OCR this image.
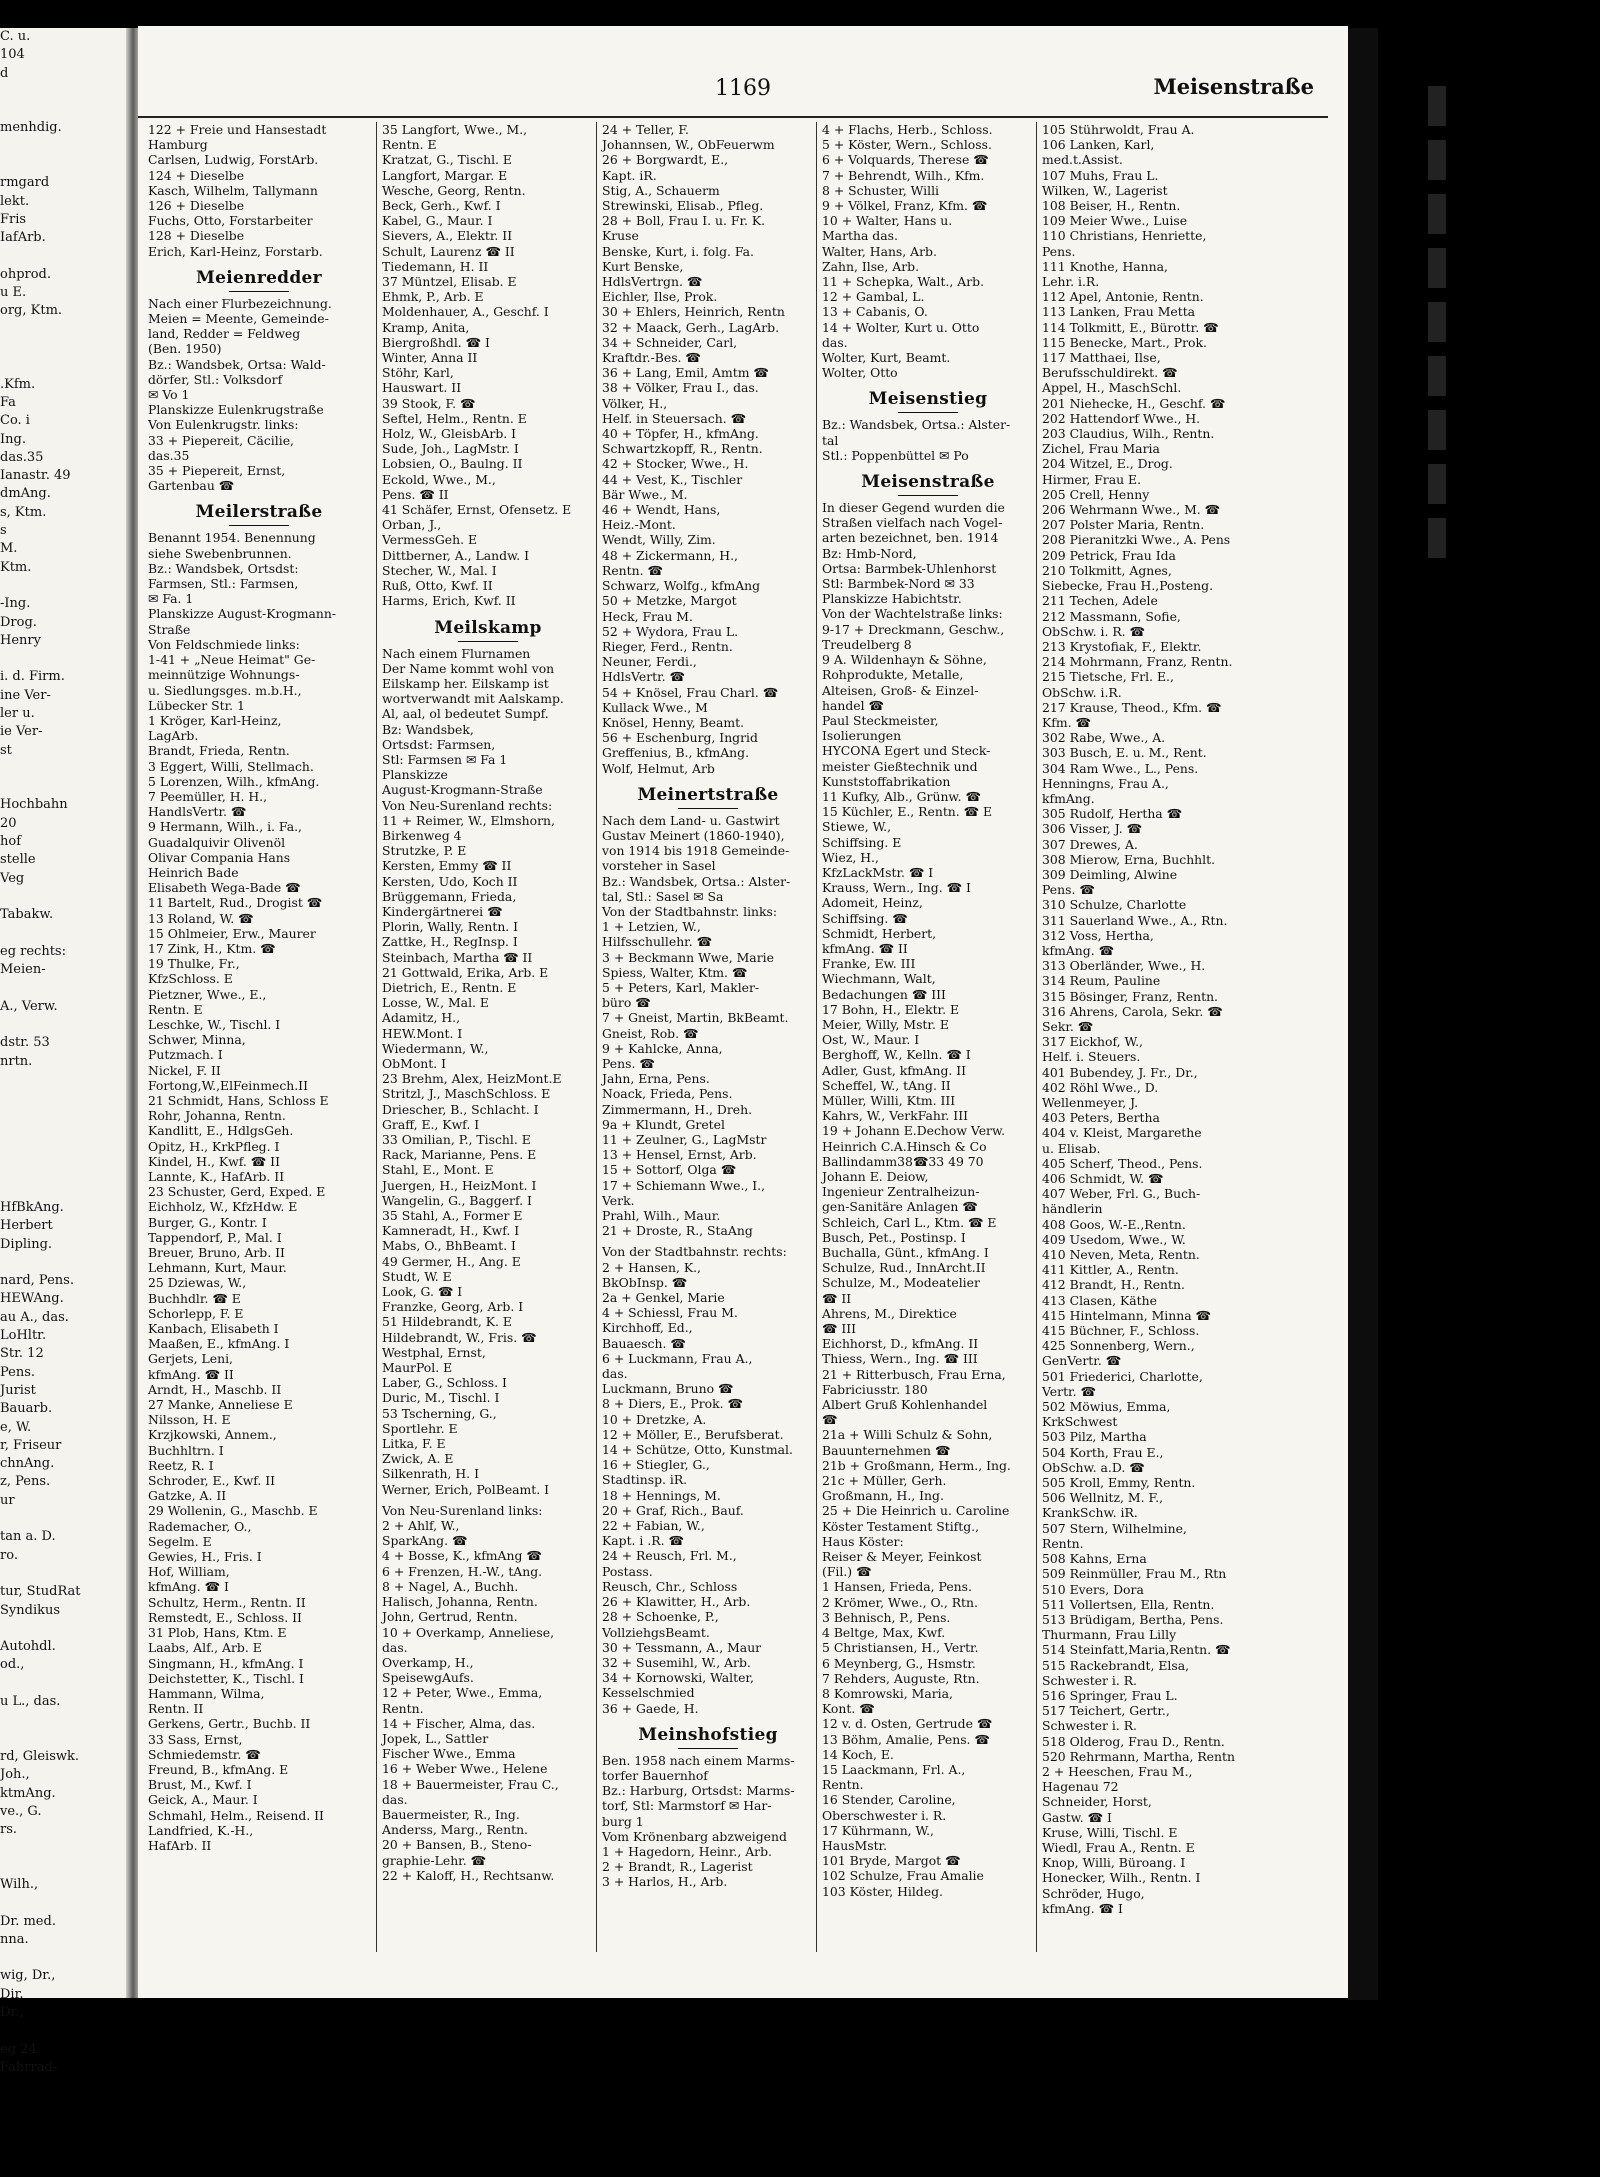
C. u.
104
d

menhdig.

rmgard
lekt.
Fris
IafArb.

ohprod.
u E.
org, Ktm.

.Kfm.
Fa
Co. i
Ing.
das.35
Ianastr. 49
dmAng.
s, Ktm.
s
M.
Ktm.

-Ing.
Drog.
Henry

i. d. Firm.
ine Ver-
ler u.
ie Ver-
st

Hochbahn
20
hof
stelle
Veg

Tabakw.

eg rechts:
Meien-

A., Verw.

dstr. 53
nrtn.

HfBkAng.
Herbert
Dipling.

nard, Pens.
HEWAng.
au A., das.
LoHltr.
Str. 12
Pens.
Jurist
Bauarb.
e, W.
r, Friseur
chnAng.
z, Pens.
ur

tan a. D.
ro.

tur, StudRat
Syndikus

Autohdl.
od.,

u L., das.

rd, Gleiswk.
Joh.,
ktmAng.
ve., G.
rs.

Wilh.,

Dr. med.
nna.

wig, Dr.,
Dir.
Dr.,

eg 24
Fahrrad-
1169	Meisenstraße
122 + Freie und Hansestadt
Hamburg
Carlsen, Ludwig, ForstArb.
124 + Dieselbe
Kasch, Wilhelm, Tallymann
126 + Dieselbe
Fuchs, Otto, Forstarbeiter
128 + Dieselbe
Erich, Karl-Heinz, Forstarb.
Meienredder
Nach einer Flurbezeichnung.
Meien = Meente, Gemeinde-
land, Redder = Feldweg
(Ben. 1950)
Bz.: Wandsbek, Ortsa: Wald-
dörfer, Stl.: Volksdorf
✉ Vo 1
Planskizze Eulenkrugstraße
Von Eulenkrugstr. links:
33 + Piepereit, Cäcilie,
das.35
35 + Piepereit, Ernst,
Gartenbau ☎
Meilerstraße
Benannt 1954. Benennung
siehe Swebenbrunnen.
Bz.: Wandsbek, Ortsdst:
Farmsen, Stl.: Farmsen,
✉ Fa. 1
Planskizze August-Krogmann-
Straße
Von Feldschmiede links:
1-41 + „Neue Heimat" Ge-
meinnützige Wohnungs-
u. Siedlungsges. m.b.H.,
Lübecker Str. 1
1 Kröger, Karl-Heinz,
LagArb.
Brandt, Frieda, Rentn.
3 Eggert, Willi, Stellmach.
5 Lorenzen, Wilh., kfmAng.
7 Peemüller, H. H.,
HandlsVertr. ☎
9 Hermann, Wilh., i. Fa.,
Guadalquivir Olivenöl
Olivar Compania Hans
Heinrich Bade
Elisabeth Wega-Bade ☎
11 Bartelt, Rud., Drogist ☎
13 Roland, W. ☎
15 Ohlmeier, Erw., Maurer
17 Zink, H., Ktm. ☎
19 Thulke, Fr.,
KfzSchloss. E
Pietzner, Wwe., E.,
Rentn. E
Leschke, W., Tischl. I
Schwer, Minna,
Putzmach. I
Nickel, F. II
Fortong,W.,ElFeinmech.II
21 Schmidt, Hans, Schloss E
Rohr, Johanna, Rentn.
Kandlitt, E., HdlgsGeh.
Opitz, H., KrkPfleg. I
Kindel, H., Kwf. ☎ II
Lannte, K., HafArb. II
23 Schuster, Gerd, Exped. E
Eichholz, W., KfzHdw. E
Burger, G., Kontr. I
Tappendorf, P., Mal. I
Breuer, Bruno, Arb. II
Lehmann, Kurt, Maur.
25 Dziewas, W.,
Buchhdlr. ☎ E
Schorlepp, F. E
Kanbach, Elisabeth I
Maaßen, E., kfmAng. I
Gerjets, Leni,
kfmAng. ☎ II
Arndt, H., Maschb. II
27 Manke, Anneliese E
Nilsson, H. E
Krzjkowski, Annem.,
Buchhltrn. I
Reetz, R. I
Schroder, E., Kwf. II
Gatzke, A. II
29 Wollenin, G., Maschb. E
Rademacher, O.,
Segelm. E
Gewies, H., Fris. I
Hof, William,
kfmAng. ☎ I
Schultz, Herm., Rentn. II
Remstedt, E., Schloss. II
31 Plob, Hans, Ktm. E
Laabs, Alf., Arb. E
Singmann, H., kfmAng. I
Deichstetter, K., Tischl. I
Hammann, Wilma,
Rentn. II
Gerkens, Gertr., Buchb. II
33 Sass, Ernst,
Schmiedemstr. ☎
Freund, B., kfmAng. E
Brust, M., Kwf. I
Geick, A., Maur. I
Schmahl, Helm., Reisend. II
Landfried, K.-H.,
HafArb. II
35 Langfort, Wwe., M.,
Rentn. E
Kratzat, G., Tischl. E
Langfort, Margar. E
Wesche, Georg, Rentn.
Beck, Gerh., Kwf. I
Kabel, G., Maur. I
Sievers, A., Elektr. II
Schult, Laurenz ☎ II
Tiedemann, H. II
37 Müntzel, Elisab. E
Ehmk, P., Arb. E
Moldenhauer, A., Geschf. I
Kramp, Anita,
Biergroßhdl. ☎ I
Winter, Anna II
Stöhr, Karl,
Hauswart. II
39 Stook, F. ☎
Seftel, Helm., Rentn. E
Holz, W., GleisbArb. I
Sude, Joh., LagMstr. I
Lobsien, O., Baulng. II
Eckold, Wwe., M.,
Pens. ☎ II
41 Schäfer, Ernst, Ofensetz. E
Orban, J.,
VermessGeh. E
Dittberner, A., Landw. I
Stecher, W., Mal. I
Ruß, Otto, Kwf. II
Harms, Erich, Kwf. II
Meilskamp
Nach einem Flurnamen
Der Name kommt wohl von
Eilskamp her. Eilskamp ist
wortverwandt mit Aalskamp.
Al, aal, ol bedeutet Sumpf.
Bz: Wandsbek,
Ortsdst: Farmsen,
Stl: Farmsen ✉ Fa 1
Planskizze
August-Krogmann-Straße
Von Neu-Surenland rechts:
11 + Reimer, W., Elmshorn,
Birkenweg 4
Strutzke, P. E
Kersten, Emmy ☎ II
Kersten, Udo, Koch II
Brüggemann, Frieda,
Kindergärtnerei ☎
Plorin, Wally, Rentn. I
Zattke, H., RegInsp. I
Steinbach, Martha ☎ II
21 Gottwald, Erika, Arb. E
Dietrich, E., Rentn. E
Losse, W., Mal. E
Adamitz, H.,
HEW.Mont. I
Wiedermann, W.,
ObMont. I
23 Brehm, Alex, HeizMont.E
Stritzl, J., MaschSchloss. E
Driescher, B., Schlacht. I
Graff, E., Kwf. I
33 Omilian, P., Tischl. E
Rack, Marianne, Pens. E
Stahl, E., Mont. E
Juergen, H., HeizMont. I
Wangelin, G., Baggerf. I
35 Stahl, A., Former E
Kamneradt, H., Kwf. I
Mabs, O., BhBeamt. I
49 Germer, H., Ang. E
Studt, W. E
Look, G. ☎ I
Franzke, Georg, Arb. I
51 Hildebrandt, K. E
Hildebrandt, W., Fris. ☎
Westphal, Ernst,
MaurPol. E
Laber, G., Schloss. I
Duric, M., Tischl. I
53 Tscherning, G.,
Sportlehr. E
Litka, F. E
Zwick, A. E
Silkenrath, H. I
Werner, Erich, PolBeamt. I
Von Neu-Surenland links:
2 + Ahlf, W.,
SparkAng. ☎
4 + Bosse, K., kfmAng ☎
6 + Frenzen, H.-W., tAng.
8 + Nagel, A., Buchh.
Halisch, Johanna, Rentn.
John, Gertrud, Rentn.
10 + Overkamp, Anneliese,
das.
Overkamp, H.,
SpeisewgAufs.
12 + Peter, Wwe., Emma,
Rentn.
14 + Fischer, Alma, das.
Jopek, L., Sattler
Fischer Wwe., Emma
16 + Weber Wwe., Helene
18 + Bauermeister, Frau C.,
das.
Bauermeister, R., Ing.
Anderss, Marg., Rentn.
20 + Bansen, B., Steno-
graphie-Lehr. ☎
22 + Kaloff, H., Rechtsanw.
24 + Teller, F.
Johannsen, W., ObFeuerwm
26 + Borgwardt, E.,
Kapt. iR.
Stig, A., Schauerm
Strewinski, Elisab., Pfleg.
28 + Boll, Frau I. u. Fr. K.
Kruse
Benske, Kurt, i. folg. Fa.
Kurt Benske,
HdlsVertrgn. ☎
Eichler, Ilse, Prok.
30 + Ehlers, Heinrich, Rentn
32 + Maack, Gerh., LagArb.
34 + Schneider, Carl,
Kraftdr.-Bes. ☎
36 + Lang, Emil, Amtm ☎
38 + Völker, Frau I., das.
Völker, H.,
Helf. in Steuersach. ☎
40 + Töpfer, H., kfmAng.
Schwartzkopff, R., Rentn.
42 + Stocker, Wwe., H.
44 + Vest, K., Tischler
Bär Wwe., M.
46 + Wendt, Hans,
Heiz.-Mont.
Wendt, Willy, Zim.
48 + Zickermann, H.,
Rentn. ☎
Schwarz, Wolfg., kfmAng
50 + Metzke, Margot
Heck, Frau M.
52 + Wydora, Frau L.
Rieger, Ferd., Rentn.
Neuner, Ferdi.,
HdlsVertr. ☎
54 + Knösel, Frau Charl. ☎
Kullack Wwe., M
Knösel, Henny, Beamt.
56 + Eschenburg, Ingrid
Greffenius, B., kfmAng.
Wolf, Helmut, Arb
Meinertstraße
Nach dem Land- u. Gastwirt
Gustav Meinert (1860-1940),
von 1914 bis 1918 Gemeinde-
vorsteher in Sasel
Bz.: Wandsbek, Ortsa.: Alster-
tal, Stl.: Sasel ✉ Sa
Von der Stadtbahnstr. links:
1 + Letzien, W.,
Hilfsschullehr. ☎
3 + Beckmann Wwe, Marie
Spiess, Walter, Ktm. ☎
5 + Peters, Karl, Makler-
büro ☎
7 + Gneist, Martin, BkBeamt.
Gneist, Rob. ☎
9 + Kahlcke, Anna,
Pens. ☎
Jahn, Erna, Pens.
Noack, Frieda, Pens.
Zimmermann, H., Dreh.
9a + Klundt, Gretel
11 + Zeulner, G., LagMstr
13 + Hensel, Ernst, Arb.
15 + Sottorf, Olga ☎
17 + Schiemann Wwe., I.,
Verk.
Prahl, Wilh., Maur.
21 + Droste, R., StaAng
Von der Stadtbahnstr. rechts:
2 + Hansen, K.,
BkObInsp. ☎
2a + Genkel, Marie
4 + Schiessl, Frau M.
Kirchhoff, Ed.,
Bauaesch. ☎
6 + Luckmann, Frau A.,
das.
Luckmann, Bruno ☎
8 + Diers, E., Prok. ☎
10 + Dretzke, A.
12 + Möller, E., Berufsberat.
14 + Schütze, Otto, Kunstmal.
16 + Stiegler, G.,
Stadtinsp. iR.
18 + Hennings, M.
20 + Graf, Rich., Bauf.
22 + Fabian, W.,
Kapt. i .R. ☎
24 + Reusch, Frl. M.,
Postass.
Reusch, Chr., Schloss
26 + Klawitter, H., Arb.
28 + Schoenke, P.,
VollziehgsBeamt.
30 + Tessmann, A., Maur
32 + Susemihl, W., Arb.
34 + Kornowski, Walter,
Kesselschmied
36 + Gaede, H.
Meinshofstieg
Ben. 1958 nach einem Marms-
torfer Bauernhof
Bz.: Harburg, Ortsdst: Marms-
torf, Stl: Marmstorf ✉ Har-
burg 1
Vom Krönenbarg abzweigend
1 + Hagedorn, Heinr., Arb.
2 + Brandt, R., Lagerist
3 + Harlos, H., Arb.
4 + Flachs, Herb., Schloss.
5 + Köster, Wern., Schloss.
6 + Volquards, Therese ☎
7 + Behrendt, Wilh., Kfm.
8 + Schuster, Willi
9 + Völkel, Franz, Kfm. ☎
10 + Walter, Hans u.
Martha das.
Walter, Hans, Arb.
Zahn, Ilse, Arb.
11 + Schepka, Walt., Arb.
12 + Gambal, L.
13 + Cabanis, O.
14 + Wolter, Kurt u. Otto
das.
Wolter, Kurt, Beamt.
Wolter, Otto
Meisenstieg
Bz.: Wandsbek, Ortsa.: Alster-
tal
Stl.: Poppenbüttel ✉ Po
Meisenstraße
In dieser Gegend wurden die
Straßen vielfach nach Vogel-
arten bezeichnet, ben. 1914
Bz: Hmb-Nord,
Ortsa: Barmbek-Uhlenhorst
Stl: Barmbek-Nord ✉ 33
Planskizze Habichtstr.
Von der Wachtelstraße links:
9-17 + Dreckmann, Geschw.,
Treudelberg 8
9 A. Wildenhayn & Söhne,
Rohprodukte, Metalle,
Alteisen, Groß- & Einzel-
handel ☎
Paul Steckmeister,
Isolierungen
HYCONA Egert und Steck-
meister Gießtechnik und
Kunststoffabrikation
11 Kufky, Alb., Grünw. ☎
15 Küchler, E., Rentn. ☎ E
Stiewe, W.,
Schiffsing. E
Wiez, H.,
KfzLackMstr. ☎ I
Krauss, Wern., Ing. ☎ I
Adomeit, Heinz,
Schiffsing. ☎
Schmidt, Herbert,
kfmAng. ☎ II
Franke, Ew. III
Wiechmann, Walt,
Bedachungen ☎ III
17 Bohn, H., Elektr. E
Meier, Willy, Mstr. E
Ost, W., Maur. I
Berghoff, W., Kelln. ☎ I
Adler, Gust, kfmAng. II
Scheffel, W., tAng. II
Müller, Willi, Ktm. III
Kahrs, W., VerkFahr. III
19 + Johann E.Dechow Verw.
Heinrich C.A.Hinsch & Co
Ballindamm38☎33 49 70
Johann E. Deiow,
Ingenieur Zentralheizun-
gen-Sanitäre Anlagen ☎
Schleich, Carl L., Ktm. ☎ E
Busch, Pet., Postinsp. I
Buchalla, Günt., kfmAng. I
Schulze, Rud., InnArcht.II
Schulze, M., Modeatelier
☎ II
Ahrens, M., Direktice
☎ III
Eichhorst, D., kfmAng. II
Thiess, Wern., Ing. ☎ III
21 + Ritterbusch, Frau Erna,
Fabriciusstr. 180
Albert Gruß Kohlenhandel
☎
21a + Willi Schulz & Sohn,
Bauunternehmen ☎
21b + Großmann, Herm., Ing.
21c + Müller, Gerh.
Großmann, H., Ing.
25 + Die Heinrich u. Caroline
Köster Testament Stiftg.,
Haus Köster:
Reiser & Meyer, Feinkost
(Fil.) ☎
1 Hansen, Frieda, Pens.
2 Krömer, Wwe., O., Rtn.
3 Behnisch, P., Pens.
4 Beltge, Max, Kwf.
5 Christiansen, H., Vertr.
6 Meynberg, G., Hsmstr.
7 Rehders, Auguste, Rtn.
8 Komrowski, Maria,
Kont. ☎
12 v. d. Osten, Gertrude ☎
13 Böhm, Amalie, Pens. ☎
14 Koch, E.
15 Laackmann, Frl. A.,
Rentn.
16 Stender, Caroline,
Oberschwester i. R.
17 Kührmann, W.,
HausMstr.
101 Bryde, Margot ☎
102 Schulze, Frau Amalie
103 Köster, Hildeg.
105 Stührwoldt, Frau A.
106 Lanken, Karl,
med.t.Assist.
107 Muhs, Frau L.
Wilken, W., Lagerist
108 Beiser, H., Rentn.
109 Meier Wwe., Luise
110 Christians, Henriette,
Pens.
111 Knothe, Hanna,
Lehr. i.R.
112 Apel, Antonie, Rentn.
113 Lanken, Frau Metta
114 Tolkmitt, E., Bürottr. ☎
115 Benecke, Mart., Prok.
117 Matthaei, Ilse,
Berufsschuldirekt. ☎
Appel, H., MaschSchl.
201 Niehecke, H., Geschf. ☎
202 Hattendorf Wwe., H.
203 Claudius, Wilh., Rentn.
Zichel, Frau Maria
204 Witzel, E., Drog.
Hirmer, Frau E.
205 Crell, Henny
206 Wehrmann Wwe., M. ☎
207 Polster Maria, Rentn.
208 Pieranitzki Wwe., A. Pens
209 Petrick, Frau Ida
210 Tolkmitt, Agnes,
Siebecke, Frau H.,Posteng.
211 Techen, Adele
212 Massmann, Sofie,
ObSchw. i. R. ☎
213 Krystofiak, F., Elektr.
214 Mohrmann, Franz, Rentn.
215 Tietsche, Frl. E.,
ObSchw. i.R.
217 Krause, Theod., Kfm. ☎
Kfm. ☎
302 Rabe, Wwe., A.
303 Busch, E. u. M., Rent.
304 Ram Wwe., L., Pens.
Henningns, Frau A.,
kfmAng.
305 Rudolf, Hertha ☎
306 Visser, J. ☎
307 Drewes, A.
308 Mierow, Erna, Buchhlt.
309 Deimling, Alwine
Pens. ☎
310 Schulze, Charlotte
311 Sauerland Wwe., A., Rtn.
312 Voss, Hertha,
kfmAng. ☎
313 Oberländer, Wwe., H.
314 Reum, Pauline
315 Bösinger, Franz, Rentn.
316 Ahrens, Carola, Sekr. ☎
Sekr. ☎
317 Eickhof, W.,
Helf. i. Steuers.
401 Bubendey, J. Fr., Dr.,
402 Röhl Wwe., D.
Wellenmeyer, J.
403 Peters, Bertha
404 v. Kleist, Margarethe
u. Elisab.
405 Scherf, Theod., Pens.
406 Schmidt, W. ☎
407 Weber, Frl. G., Buch-
händlerin
408 Goos, W.-E.,Rentn.
409 Usedom, Wwe., W.
410 Neven, Meta, Rentn.
411 Kittler, A., Rentn.
412 Brandt, H., Rentn.
413 Clasen, Käthe
415 Hintelmann, Minna ☎
415 Büchner, F., Schloss.
425 Sonnenberg, Wern.,
GenVertr. ☎
501 Friederici, Charlotte,
Vertr. ☎
502 Möwius, Emma,
KrkSchwest
503 Pilz, Martha
504 Korth, Frau E.,
ObSchw. a.D. ☎
505 Kroll, Emmy, Rentn.
506 Wellnitz, M. F.,
KrankSchw. iR.
507 Stern, Wilhelmine,
Rentn.
508 Kahns, Erna
509 Reinmüller, Frau M., Rtn
510 Evers, Dora
511 Vollertsen, Ella, Rentn.
513 Brüdigam, Bertha, Pens.
Thurmann, Frau Lilly
514 Steinfatt,Maria,Rentn. ☎
515 Rackebrandt, Elsa,
Schwester i. R.
516 Springer, Frau L.
517 Teichert, Gertr.,
Schwester i. R.
518 Olderog, Frau D., Rentn.
520 Rehrmann, Martha, Rentn
2 + Heeschen, Frau M.,
Hagenau 72
Schneider, Horst,
Gastw. ☎ I
Kruse, Willi, Tischl. E
Wiedl, Frau A., Rentn. E
Knop, Willi, Büroang. I
Honecker, Wilh., Rentn. I
Schröder, Hugo,
kfmAng. ☎ I
